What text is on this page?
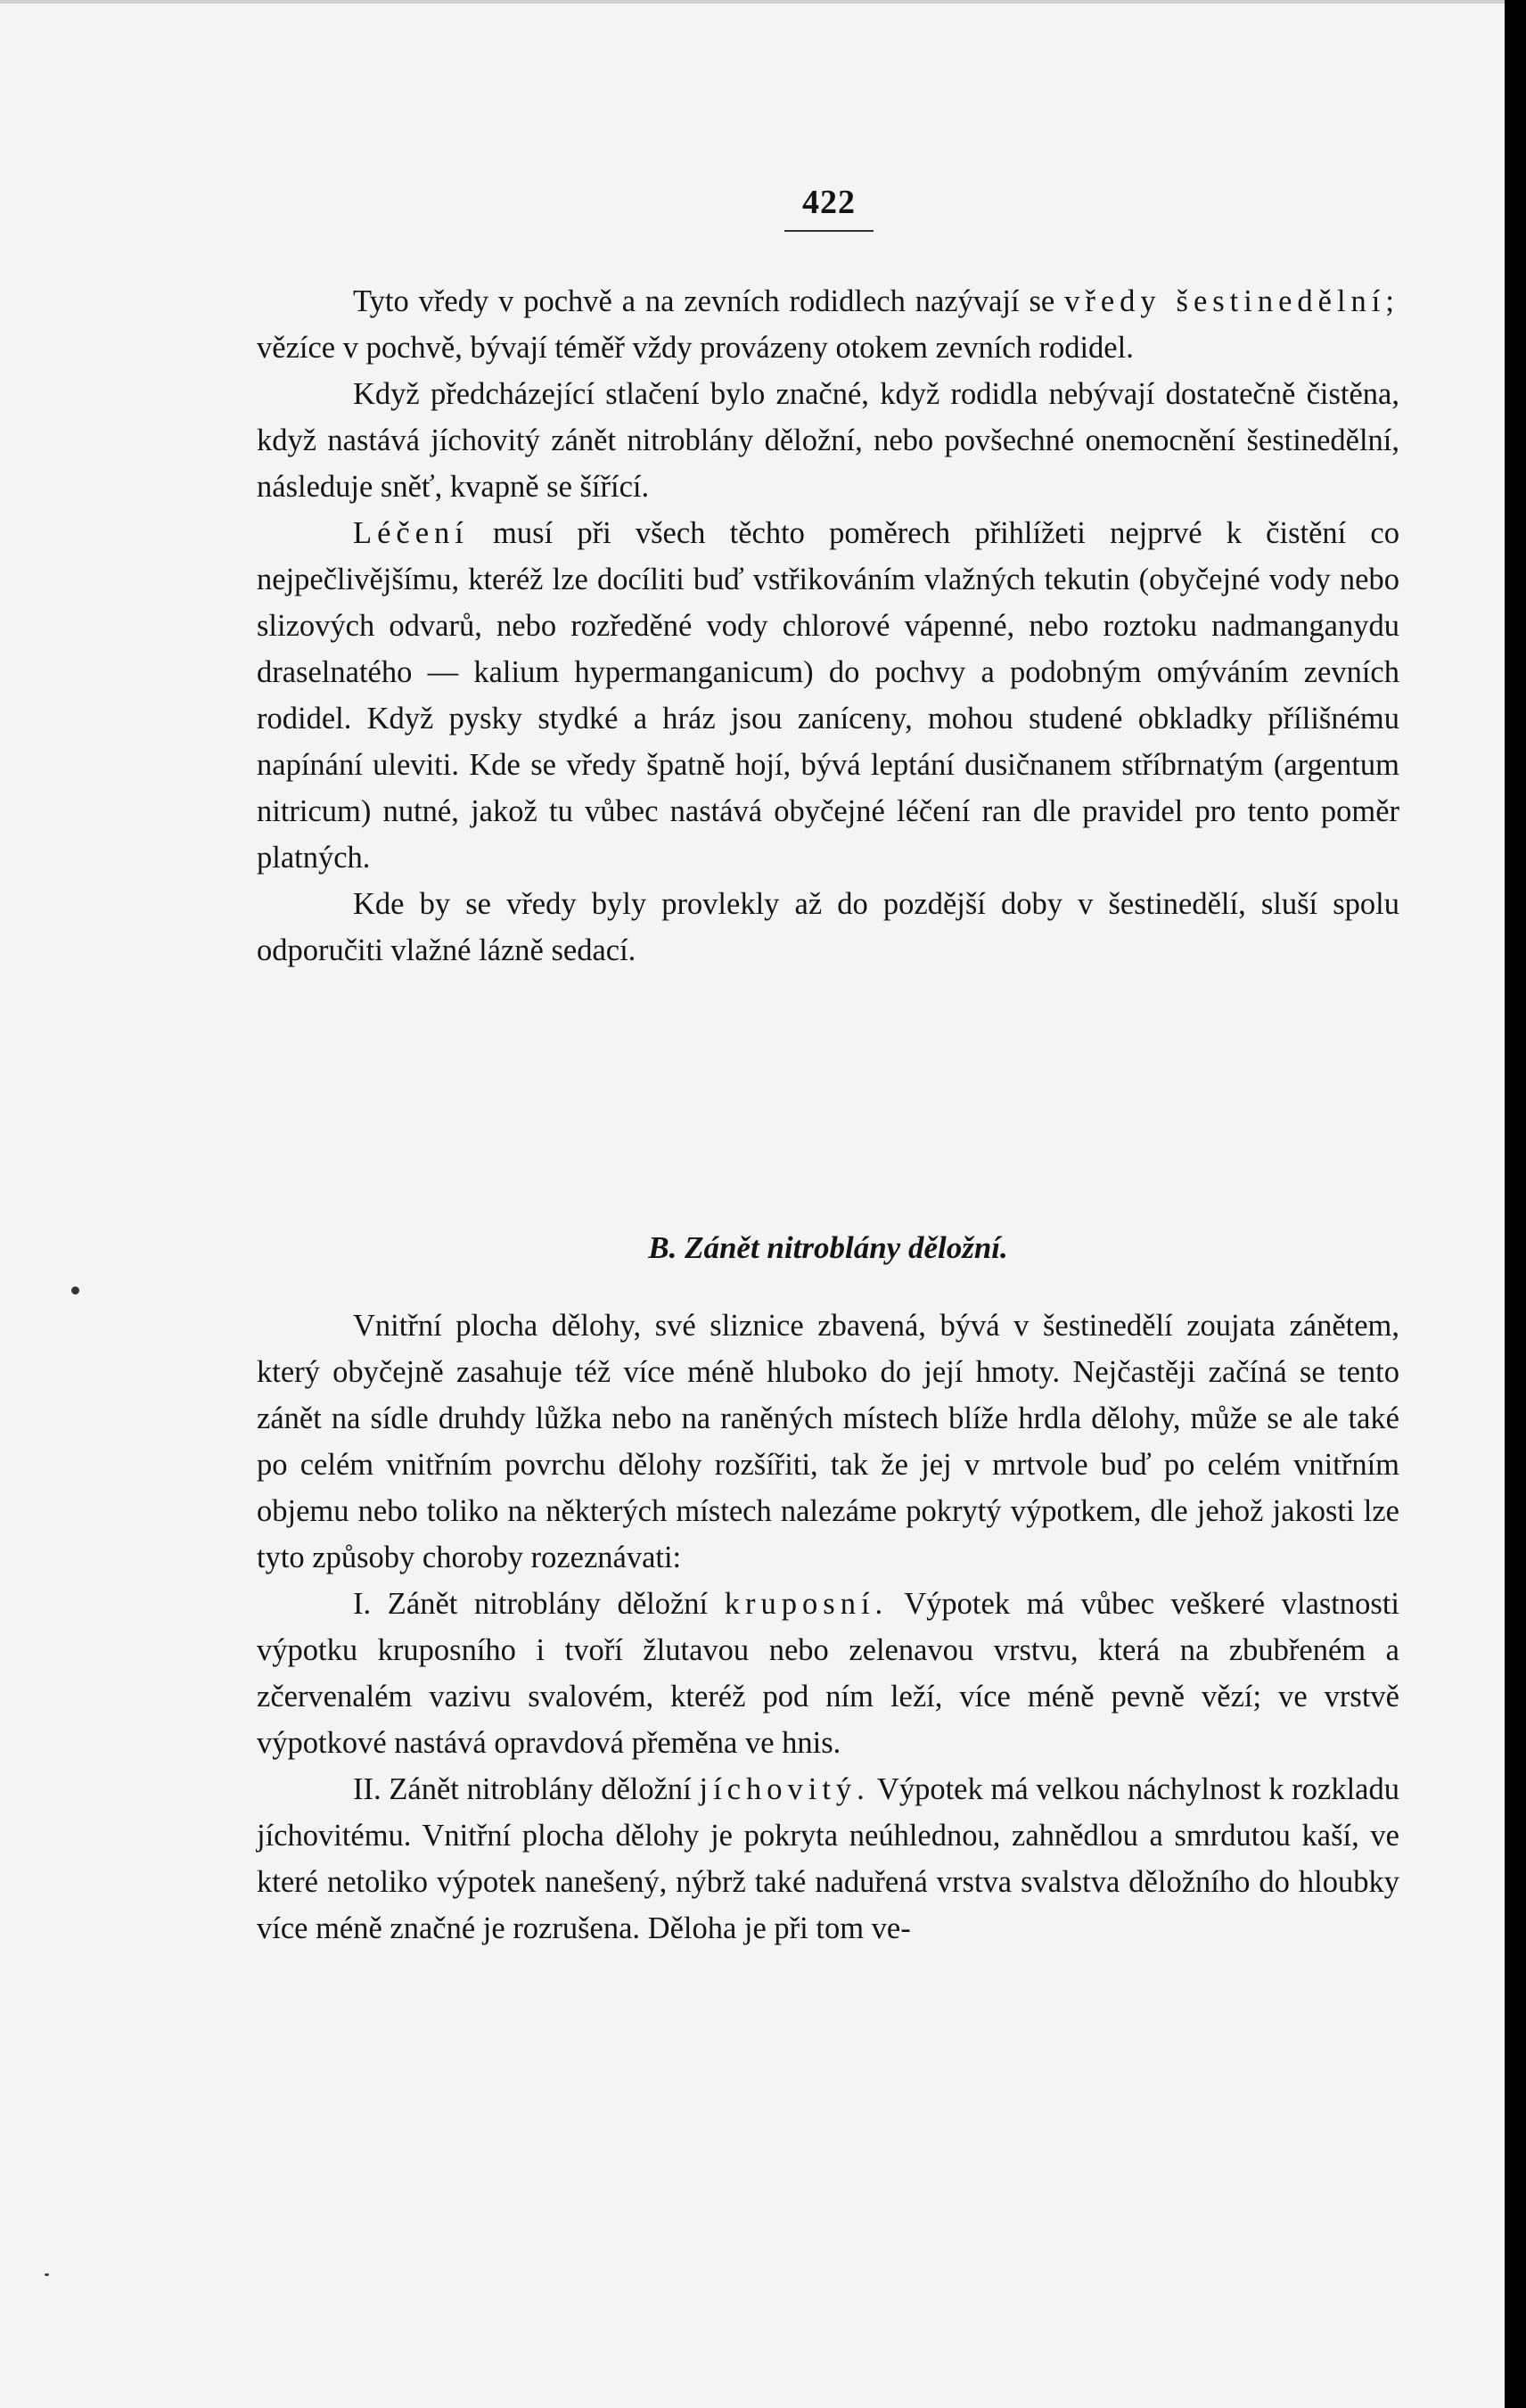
422

Tyto vředy v pochvě a na zevních rodidlech nazývají se vředy šestinedělní; vězíce v pochvě, bývají téměř vždy provázeny otokem zevních rodidel.

Když předcházející stlačení bylo značné, když rodidla nebývají dostatečně čistěna, když nastává jíchovitý zánět nitroblány děložní, nebo povšechné onemocnění šestinedělní, následuje sněť, kvapně se šířící.

Léčení musí při všech těchto poměrech přihlížeti nejprvé k čistění co nejpečlivějšímu, kteréž lze docíliti buď vstřikováním vlažných tekutin (obyčejné vody nebo slizových odvarů, nebo rozředěné vody chlorové vápenné, nebo roztoku nadmanganydu draselnatého — kalium hypermanganicum) do pochvy a podobným omýváním zevních rodidel. Když pysky stydké a hráz jsou zaníceny, mohou studené obkladky přílišnému napínání uleviti. Kde se vředy špatně hojí, bývá leptání dusičnanem stříbrnatým (argentum nitricum) nutné, jakož tu vůbec nastává obyčejné léčení ran dle pravidel pro tento poměr platných.

Kde by se vředy byly provlekly až do pozdější doby v šestinedělí, sluší spolu odporučiti vlažné lázně sedací.

B. Zánět nitroblány děložní.

Vnitřní plocha dělohy, své sliznice zbavená, bývá v šestinedělí zoujata zánětem, který obyčejně zasahuje též více méně hluboko do její hmoty. Nejčastěji začíná se tento zánět na sídle druhdy lůžka nebo na raněných místech blíže hrdla dělohy, může se ale také po celém vnitřním povrchu dělohy rozšířiti, tak že jej v mrtvole buď po celém vnitřním objemu nebo toliko na některých místech nalezáme pokrytý výpotkem, dle jehož jakosti lze tyto způsoby choroby rozeznávati:

I. Zánět nitroblány děložní kruposní. Výpotek má vůbec veškeré vlastnosti výpotku kruposního i tvoří žlutavou nebo zelenavou vrstvu, která na zbubřeném a zčervenalém vazivu svalovém, kteréž pod ním leží, více méně pevně vězí; ve vrstvě výpotkové nastává opravdová přeměna ve hnis.

II. Zánět nitroblány děložní jíchovitý. Výpotek má velkou náchylnost k rozkladu jíchovitému. Vnitřní plocha dělohy je pokryta neúhlednou, zahnědlou a smrdutou kaší, ve které netoliko výpotek nanešený, nýbrž také naduřená vrstva svalstva děložního do hloubky více méně značné je rozrušena. Děloha je při tom ve-
